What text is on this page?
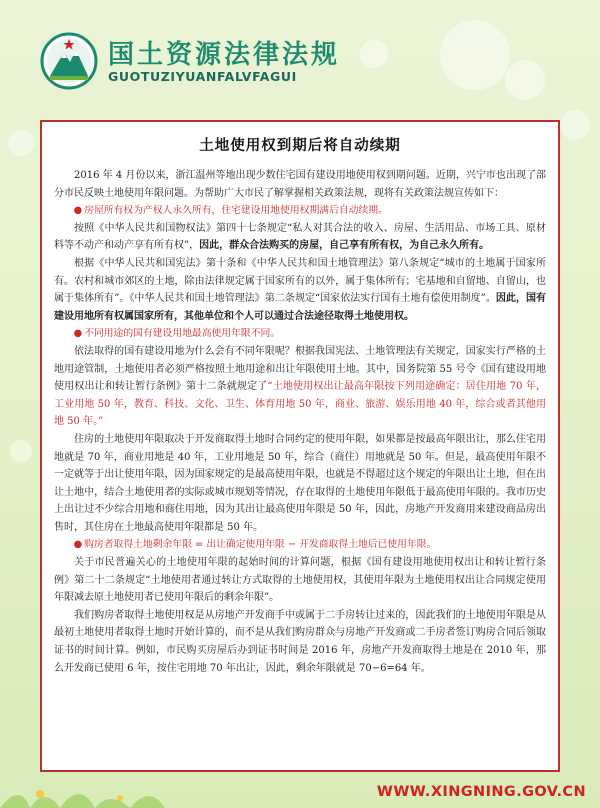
国土资源法律法规
GUOTUZIYUANFALVFAGUI
土地使用权到期后将自动续期

2016 年 4 月份以来，浙江温州等地出现少数住宅国有建设用地使用权到期问题。近期，兴宁市也出现了部分市民反映土地使用年限问题。为帮助广大市民了解掌握相关政策法规，现将有关政策法规宣传如下：

● 房屋所有权为产权人永久所有，住宅建设用地使用权期满后自动续期。

按照《中华人民共和国物权法》第四十七条规定“私人对其合法的收入、房屋、生活用品、市场工具、原材料等不动产和动产享有所有权”，因此，群众合法购买的房屋，自己享有所有权，为自己永久所有。

根据《中华人民共和国宪法》第十条和《中华人民共和国土地管理法》第八条规定“城市的土地属于国家所有。农村和城市郊区的土地，除由法律规定属于国家所有的以外，属于集体所有；宅基地和自留地、自留山，也属于集体所有”。《中华人民共和国土地管理法》第二条规定“国家依法实行国有土地有偿使用制度”。因此，国有建设用地所有权属国家所有，其他单位和个人可以通过合法途径取得土地使用权。

● 不同用途的国有建设用地最高使用年限不同。

依法取得的国有建设用地为什么会有不同年限呢？根据我国宪法、土地管理法有关规定，国家实行严格的土地用途管制，土地使用者必须严格按照土地用途和出让年限使用土地。其中，国务院第 55 号令《国有建设用地使用权出让和转让暂行条例》第十二条就规定了“土地使用权出让最高年限按下列用途确定：居住用地 70 年，工业用地 50 年，教育、科技、文化、卫生、体育用地 50 年，商业、旅游、娱乐用地 40 年，综合或者其他用地 50 年。”

住房的土地使用年限取决于开发商取得土地时合同约定的使用年限，如果都是按最高年限出让，那么住宅用地就是 70 年，商业用地是 40 年，工业用地是 50 年，综合（商住）用地就是 50 年。但是，最高使用年限不一定就等于出让使用年限，因为国家规定的是最高使用年限，也就是不得超过这个规定的年限出让土地，但在出让土地中，结合土地使用者的实际或城市规划等情况，存在取得的土地使用年限低于最高使用年限的。我市历史上出让过不少综合用地和商住用地，因为其出让最高使用年限是 50 年，因此，房地产开发商用来建设商品房出售时，其住房在土地最高使用年限都是 50 年。

● 购房者取得土地剩余年限 = 出让确定使用年限 − 开发商取得土地后已使用年限。

关于市民普遍关心的土地使用年限的起始时间的计算问题，根据《国有建设用地使用权出让和转让暂行条例》第二十二条规定“土地使用者通过转让方式取得的土地使用权，其使用年限为土地使用权出让合同规定使用年限减去原土地使用者已使用年限后的剩余年限”。

我们购房者取得土地使用权是从房地产开发商手中或属于二手房转让过来的，因此我们的土地使用年限是从最初土地使用者取得土地时开始计算的，而不是从我们购房群众与房地产开发商或二手房者签订购房合同后领取证书的时间计算。例如，市民购买房屋后办到证书时间是 2016 年，房地产开发商取得土地是在 2010 年，那么开发商已使用 6 年，按住宅用地 70 年出让，因此，剩余年限就是 70−6=64 年。

WWW.XINGNING.GOV.CN
